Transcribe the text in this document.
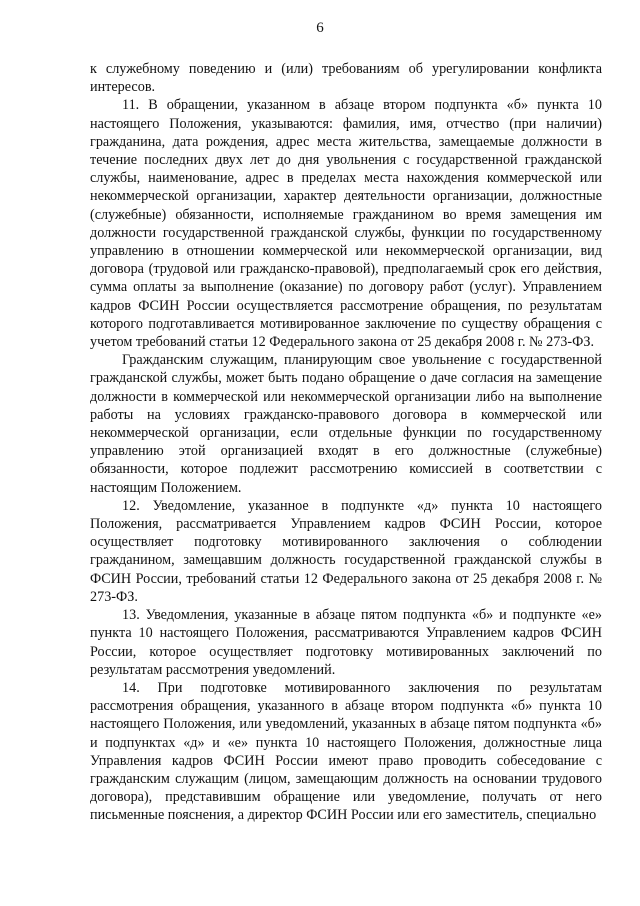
6

к служебному поведению и (или) требованиям об урегулировании конфликта интересов.

11. В обращении, указанном в абзаце втором подпункта «б» пункта 10 настоящего Положения, указываются: фамилия, имя, отчество (при наличии) гражданина, дата рождения, адрес места жительства, замещаемые должности в течение последних двух лет до дня увольнения с государственной гражданской службы, наименование, адрес в пределах места нахождения коммерческой или некоммерческой организации, характер деятельности организации, должностные (служебные) обязанности, исполняемые гражданином во время замещения им должности государственной гражданской службы, функции по государственному управлению в отношении коммерческой или некоммерческой организации, вид договора (трудовой или гражданско-правовой), предполагаемый срок его действия, сумма оплаты за выполнение (оказание) по договору работ (услуг). Управлением кадров ФСИН России осуществляется рассмотрение обращения, по результатам которого подготавливается мотивированное заключение по существу обращения с учетом требований статьи 12 Федерального закона от 25 декабря 2008 г. № 273-ФЗ.

Гражданским служащим, планирующим свое увольнение с государственной гражданской службы, может быть подано обращение о даче согласия на замещение должности в коммерческой или некоммерческой организации либо на выполнение работы на условиях гражданско-правового договора в коммерческой или некоммерческой организации, если отдельные функции по государственному управлению этой организацией входят в его должностные (служебные) обязанности, которое подлежит рассмотрению комиссией в соответствии с настоящим Положением.

12. Уведомление, указанное в подпункте «д» пункта 10 настоящего Положения, рассматривается Управлением кадров ФСИН России, которое осуществляет подготовку мотивированного заключения о соблюдении гражданином, замещавшим должность государственной гражданской службы в ФСИН России, требований статьи 12 Федерального закона от 25 декабря 2008 г. № 273-ФЗ.

13. Уведомления, указанные в абзаце пятом подпункта «б» и подпункте «е» пункта 10 настоящего Положения, рассматриваются Управлением кадров ФСИН России, которое осуществляет подготовку мотивированных заключений по результатам рассмотрения уведомлений.

14. При подготовке мотивированного заключения по результатам рассмотрения обращения, указанного в абзаце втором подпункта «б» пункта 10 настоящего Положения, или уведомлений, указанных в абзаце пятом подпункта «б» и подпунктах «д» и «е» пункта 10 настоящего Положения, должностные лица Управления кадров ФСИН России имеют право проводить собеседование с гражданским служащим (лицом, замещающим должность на основании трудового договора), представившим обращение или уведомление, получать от него письменные пояснения, а директор ФСИН России или его заместитель, специально
